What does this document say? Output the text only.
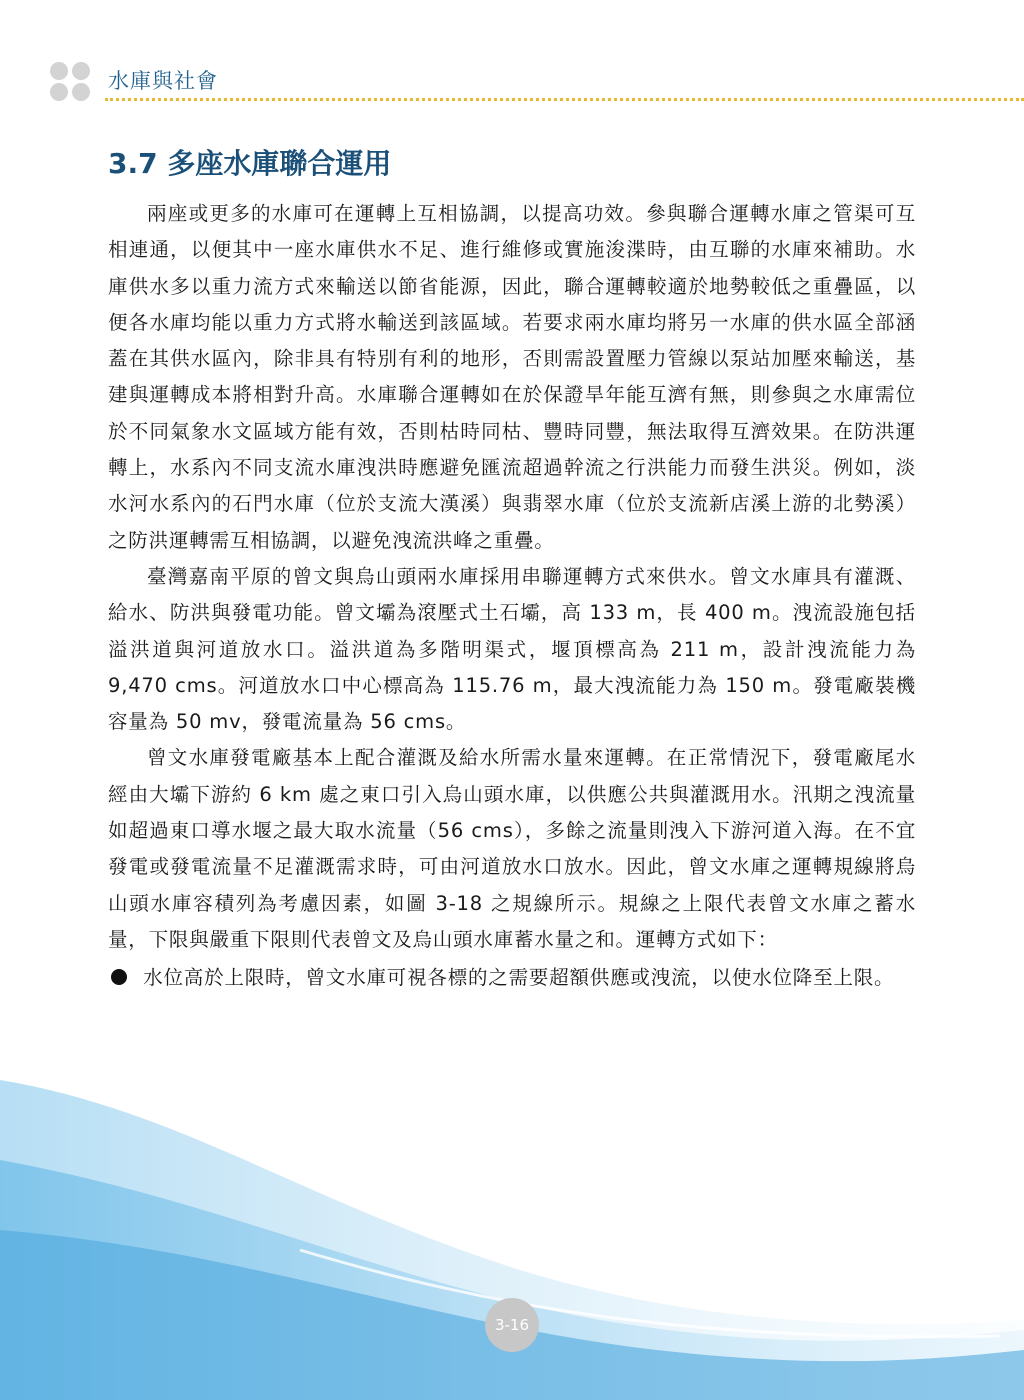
水庫與社會
3.7 多座水庫聯合運用

兩座或更多的水庫可在運轉上互相協調，以提高功效。參與聯合運轉水庫之管渠可互相連通，以便其中一座水庫供水不足、進行維修或實施浚渫時，由互聯的水庫來補助。水庫供水多以重力流方式來輸送以節省能源，因此，聯合運轉較適於地勢較低之重疊區，以便各水庫均能以重力方式將水輸送到該區域。若要求兩水庫均將另一水庫的供水區全部涵蓋在其供水區內，除非具有特別有利的地形，否則需設置壓力管線以泵站加壓來輸送，基建與運轉成本將相對升高。水庫聯合運轉如在於保證旱年能互濟有無，則參與之水庫需位於不同氣象水文區域方能有效，否則枯時同枯、豐時同豐，無法取得互濟效果。在防洪運轉上，水系內不同支流水庫洩洪時應避免匯流超過幹流之行洪能力而發生洪災。例如，淡水河水系內的石門水庫（位於支流大漢溪）與翡翠水庫（位於支流新店溪上游的北勢溪）之防洪運轉需互相協調，以避免洩流洪峰之重疊。

臺灣嘉南平原的曾文與烏山頭兩水庫採用串聯運轉方式來供水。曾文水庫具有灌溉、給水、防洪與發電功能。曾文壩為滾壓式土石壩，高 133 m，長 400 m。洩流設施包括溢洪道與河道放水口。溢洪道為多階明渠式，堰頂標高為 211 m，設計洩流能力為 9,470 cms。河道放水口中心標高為 115.76 m，最大洩流能力為 150 m。發電廠裝機容量為 50 mv，發電流量為 56 cms。

曾文水庫發電廠基本上配合灌溉及給水所需水量來運轉。在正常情況下，發電廠尾水經由大壩下游約 6 km 處之東口引入烏山頭水庫，以供應公共與灌溉用水。汛期之洩流量如超過東口導水堰之最大取水流量（56 cms），多餘之流量則洩入下游河道入海。在不宜發電或發電流量不足灌溉需求時，可由河道放水口放水。因此，曾文水庫之運轉規線將烏山頭水庫容積列為考慮因素，如圖 3-18 之規線所示。規線之上限代表曾文水庫之蓄水量，下限與嚴重下限則代表曾文及烏山頭水庫蓄水量之和。運轉方式如下：

水位高於上限時，曾文水庫可視各標的之需要超額供應或洩流，以使水位降至上限。
3-16
